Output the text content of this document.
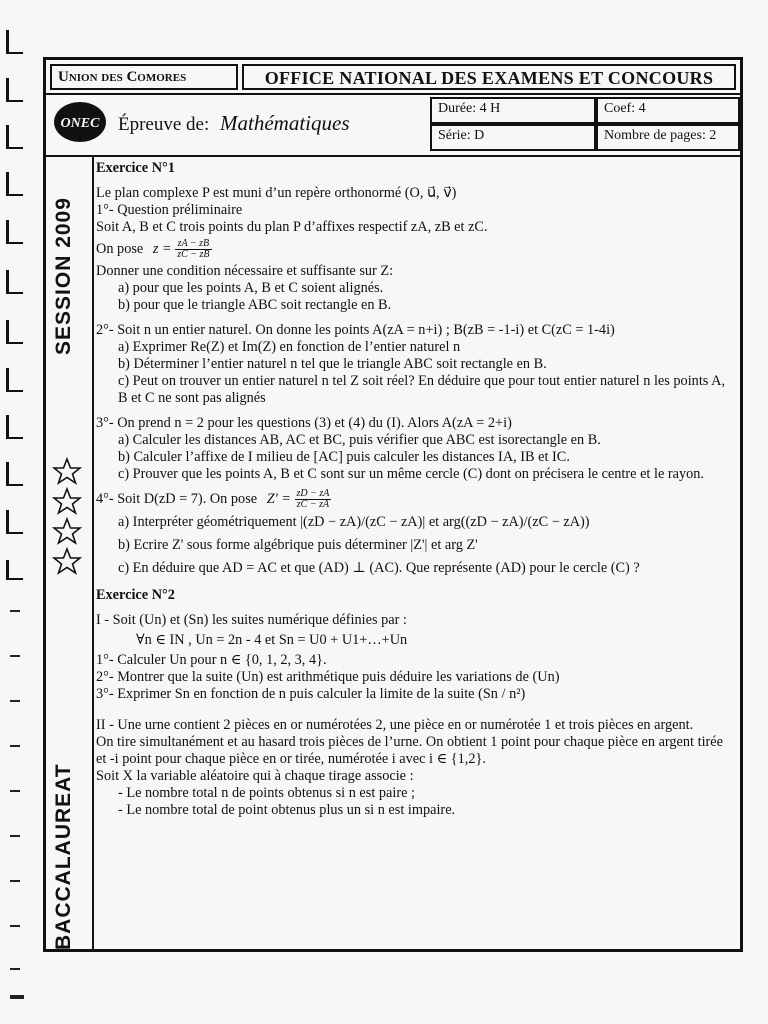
Union des Comores	OFFICE NATIONAL DES EXAMENS ET CONCOURS
ONEC Épreuve de: Mathématiques
Durée: 4 H
Série: D
Coef: 4
Nombre de pages: 2
SESSION 2009
BACCALAUREAT

Exercice N°1

Le plan complexe P est muni d’un repère orthonormé (O, u⃗, v⃗)

1°- Question préliminaire

Soit A, B et C trois points du plan P d’affixes respectif zA, zB et zC.

On pose $z = \frac{zA - zB}{zC - zB}$

Donner une condition nécessaire et suffisante sur Z:

a) pour que les points A, B et C soient alignés.

b) pour que le triangle ABC soit rectangle en B.

2°- Soit n un entier naturel. On donne les points A(zA = n+i) ; B(zB = -1-i) et C(zC = 1-4i)

a) Exprimer Re(Z) et Im(Z) en fonction de l’entier naturel n

b) Déterminer l’entier naturel n tel que le triangle ABC soit rectangle en B.

c) Peut on trouver un entier naturel n tel Z soit réel? En déduire que pour tout entier naturel n les points A, B et C ne sont pas alignés

3°- On prend n = 2 pour les questions (3) et (4) du (I). Alors A(zA = 2+i)

a) Calculer les distances AB, AC et BC, puis vérifier que ABC est isorectangle en B.

b) Calculer l’affixe de I milieu de [AC] puis calculer les distances IA, IB et IC.

c) Prouver que les points A, B et C sont sur un même cercle (C) dont on précisera le centre et le rayon.

4°- Soit D(zD = 7). On pose $Z' = \frac{zD - zA}{zC - zA}$

a) Interpréter géométriquement |(zD − zA)/(zC − zA)| et arg((zD − zA)/(zC − zA))

b) Ecrire Z' sous forme algébrique puis déterminer |Z'| et arg Z'

c) En déduire que AD = AC et que (AD) ⊥ (AC). Que représente (AD) pour le cercle (C) ?

Exercice N°2

I - Soit (Un) et (Sn) les suites numérique définies par :

∀n ∈ IN , Un = 2n - 4 et Sn = U0 + U1+…+Un

1°- Calculer Un pour n ∈ {0, 1, 2, 3, 4}.

2°- Montrer que la suite (Un) est arithmétique puis déduire les variations de (Un)

3°- Exprimer Sn en fonction de n puis calculer la limite de la suite (Sn / n²)

II - Une urne contient 2 pièces en or numérotées 2, une pièce en or numérotée 1 et trois pièces en argent.

On tire simultanément et au hasard trois pièces de l’urne. On obtient 1 point pour chaque pièce en argent tirée et -i point pour chaque pièce en or tirée, numérotée i avec i ∈ {1,2}.

Soit X la variable aléatoire qui à chaque tirage associe :

- Le nombre total n de points obtenus si n est paire ;

- Le nombre total de point obtenus plus un si n est impaire.
